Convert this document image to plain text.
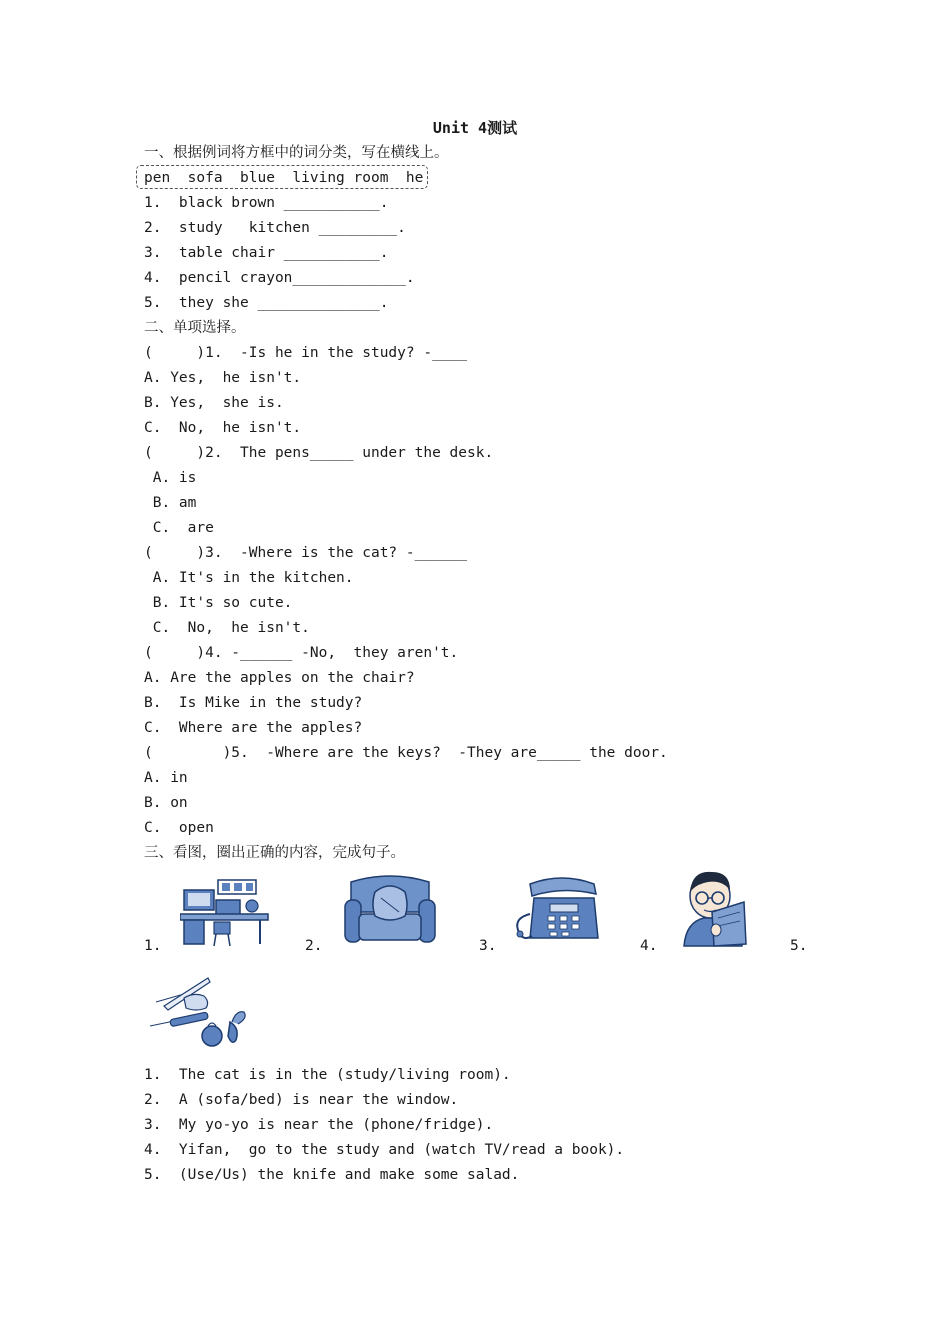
Unit 4测试
一、根据例词将方框中的词分类，写在横线上。
pen  sofa  blue  living room  he
1.  black brown ___________.
2.  study   kitchen _________.
3.  table chair ___________.
4.  pencil crayon_____________.
5.  they she ______________.
二、单项选择。
(     )1.  -Is he in the study? -____
A. Yes,  he isn't.
B. Yes,  she is.
C.  No,  he isn't.
(     )2.  The pens_____ under the desk.
A. is
B. am
C.  are
(     )3.  -Where is the cat? -______
A. It's in the kitchen.
B. It's so cute.
C.  No,  he isn't.
(     )4. -______ -No,  they aren't.
A. Are the apples on the chair?
B.  Is Mike in the study?
C.  Where are the apples?
(        )5.  -Where are the keys?  -They are_____ the door.
A. in
B. on
C.  open
三、看图，圈出正确的内容，完成句子。
1.	2.	3.	4.	5.
1.  The cat is in the (study/living room).
2.  A (sofa/bed) is near the window.
3.  My yo-yo is near the (phone/fridge).
4.  Yifan,  go to the study and (watch TV/read a book).
5.  (Use/Us) the knife and make some salad.
